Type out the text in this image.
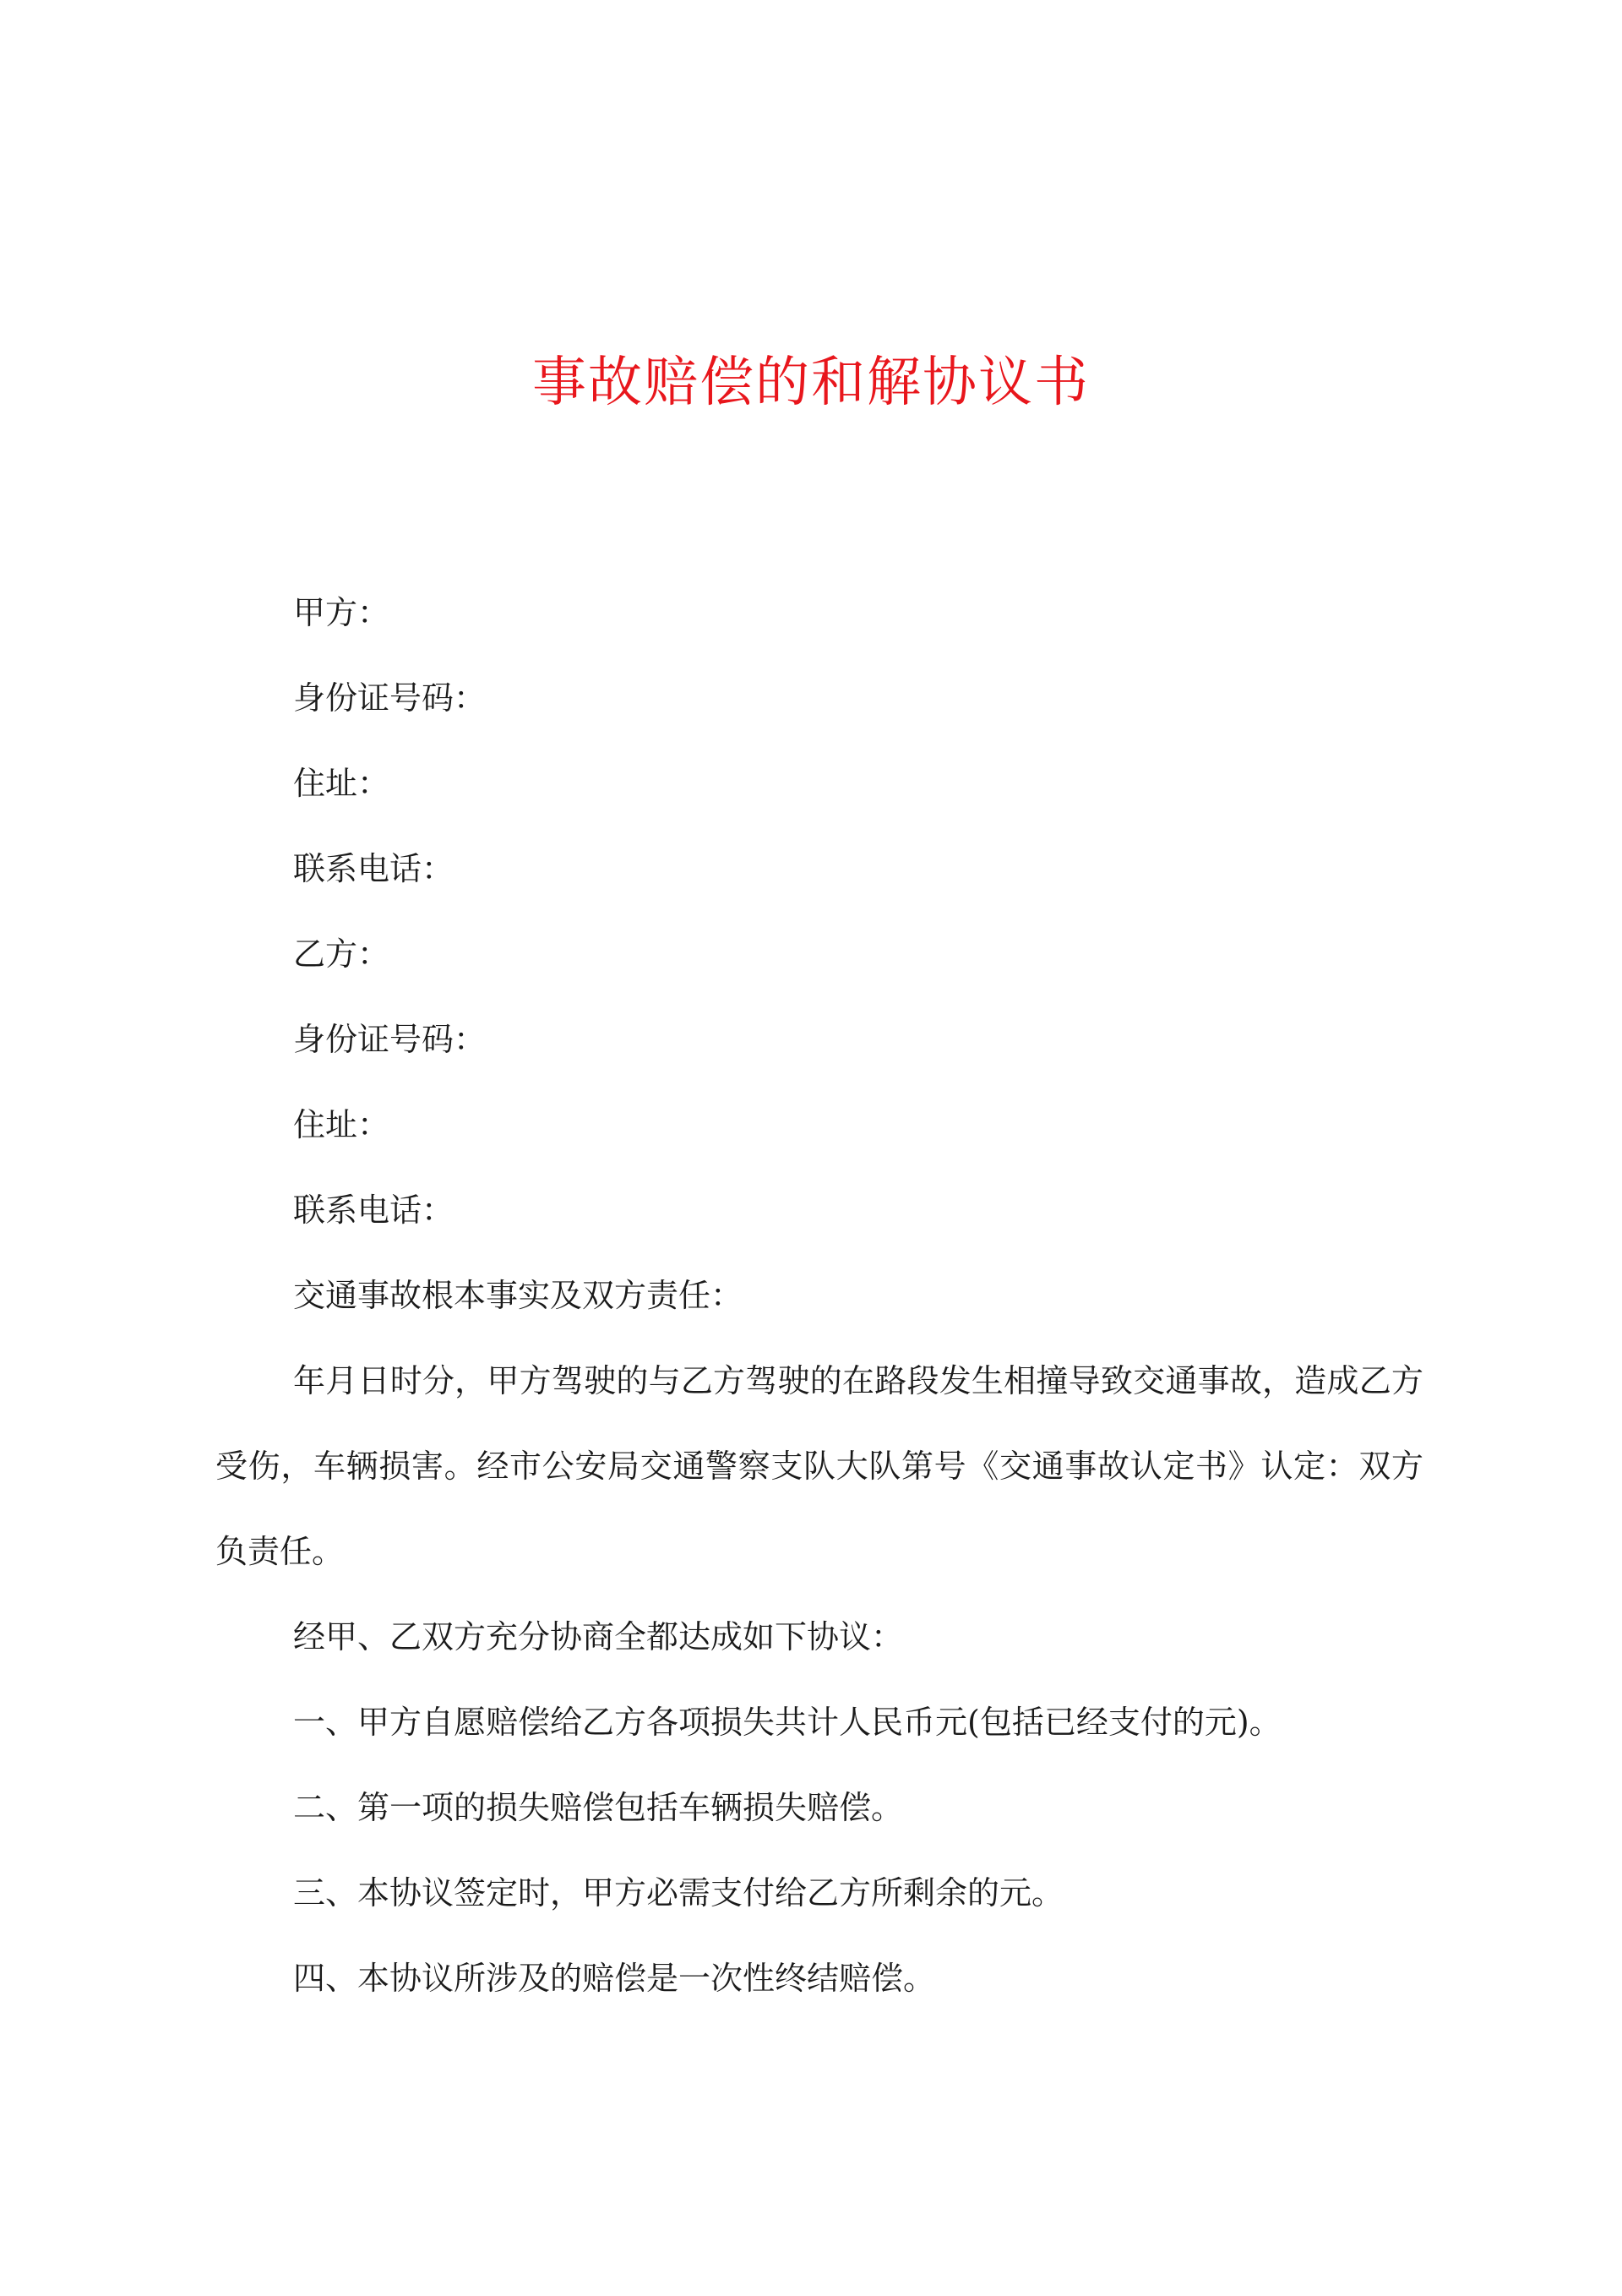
事故赔偿的和解协议书

甲方：

身份证号码：

住址：

联系电话：

乙方：

身份证号码：

住址：

联系电话：

交通事故根本事实及双方责任：

年月日时分，甲方驾驶的与乙方驾驶的在路段发生相撞导致交通事故，造成乙方受伤，车辆损害。经市公安局交通警察支队大队第号《交通事故认定书》认定：双方负责任。

经甲、乙双方充分协商全都达成如下协议：

一、甲方自愿赔偿给乙方各项损失共计人民币元(包括已经支付的元)。

二、第一项的损失赔偿包括车辆损失赔偿。

三、本协议签定时，甲方必需支付给乙方所剩余的元。

四、本协议所涉及的赔偿是一次性终结赔偿。
